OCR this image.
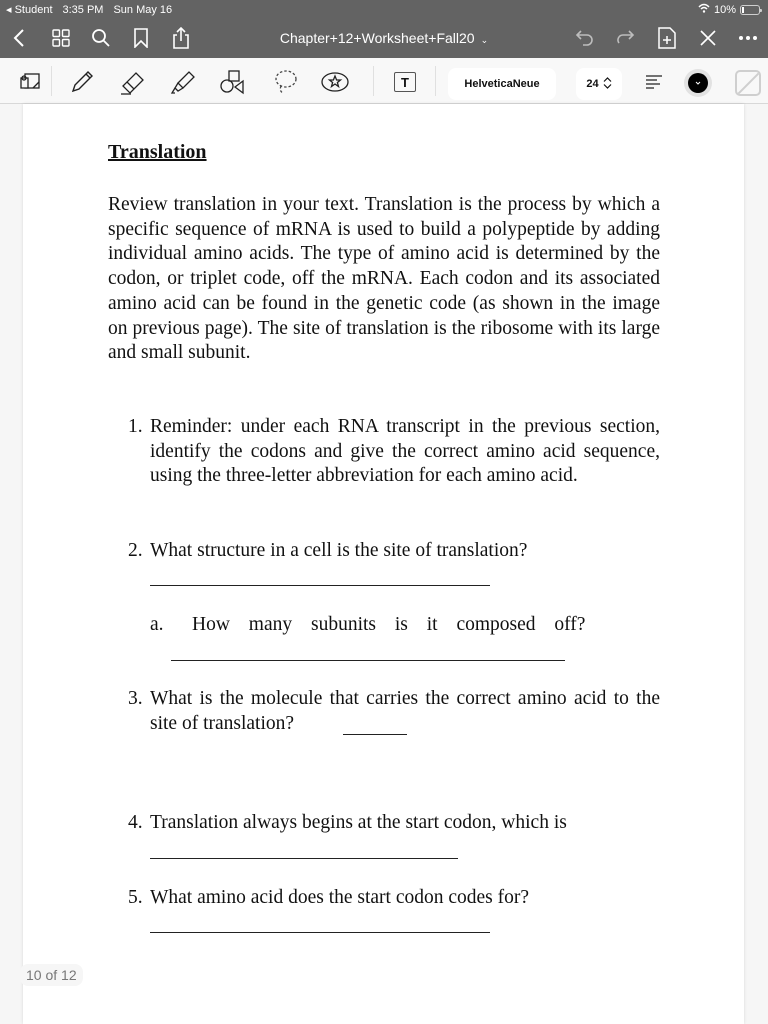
◂ Student 3:35 PM Sun May 16	10%
Chapter+12+Worksheet+Fall20 ⌄
T	HelveticaNeue	24
Translation
Review translation in your text. Translation is the process by which a specific sequence of mRNA is used to build a polypeptide by adding individual amino acids. The type of amino acid is determined by the codon, or triplet code, off the mRNA. Each codon and its associated amino acid can be found in the genetic code (as shown in the image on previous page). The site of translation is the ribosome with its large and small subunit.
1. Reminder: under each RNA transcript in the previous section, identify the codons and give the correct amino acid sequence, using the three-letter abbreviation for each amino acid.
2. What structure in a cell is the site of translation?
a.	How many subunits is it composed off?
3. What is the molecule that carries the correct amino acid to the site of translation?
4. Translation always begins at the start codon, which is
5. What amino acid does the start codon codes for?
10 of 12
